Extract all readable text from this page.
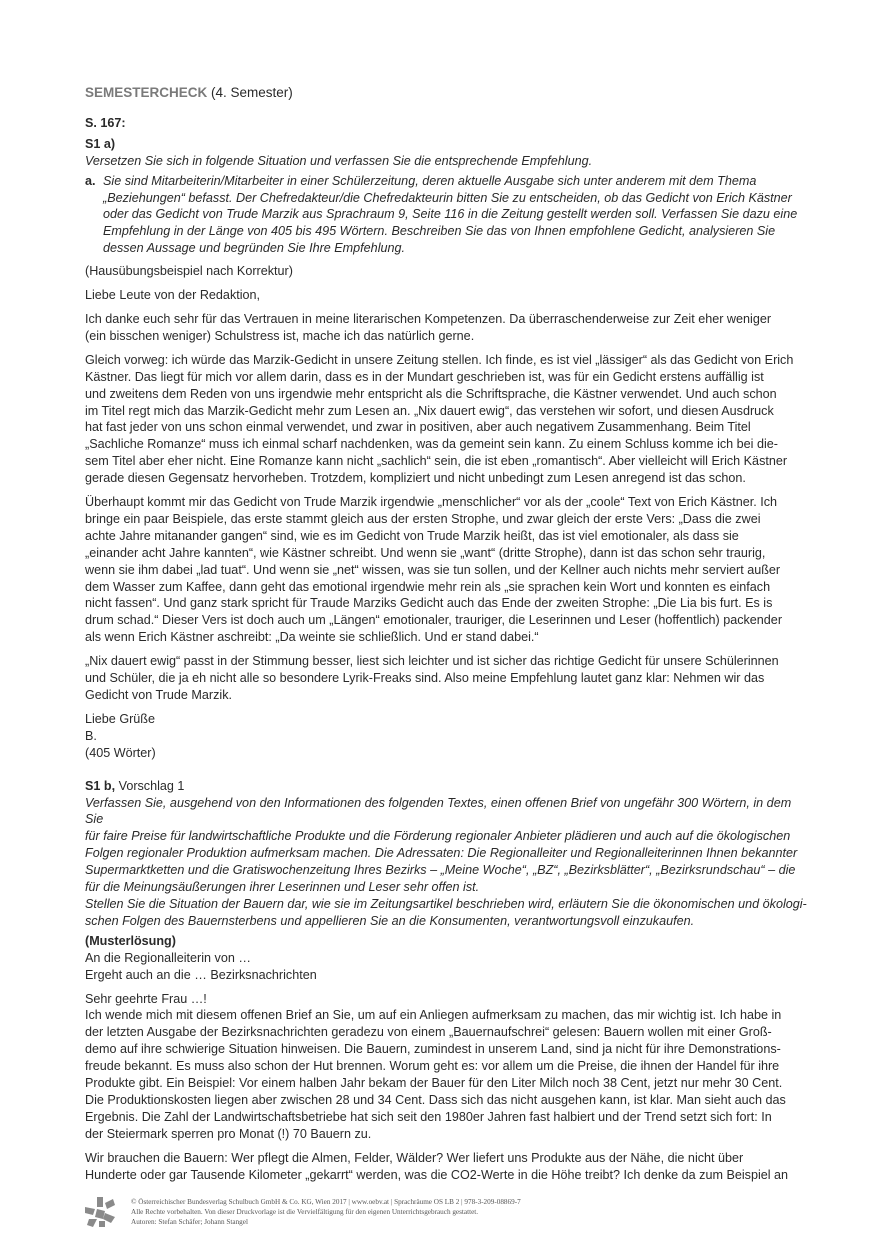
SEMESTERCHECK (4. Semester)
S. 167:
S1 a)

Versetzen Sie sich in folgende Situation und verfassen Sie die entsprechende Empfehlung.

a. Sie sind Mitarbeiterin/Mitarbeiter in einer Schülerzeitung, deren aktuelle Ausgabe sich unter anderem mit dem Thema
„Beziehungen“ befasst. Der Chefredakteur/die Chefredakteurin bitten Sie zu entscheiden, ob das Gedicht von Erich Kästner
oder das Gedicht von Trude Marzik aus Sprachraum 9, Seite 116 in die Zeitung gestellt werden soll. Verfassen Sie dazu eine
Empfehlung in der Länge von 405 bis 495 Wörtern. Beschreiben Sie das von Ihnen empfohlene Gedicht, analysieren Sie
dessen Aussage und begründen Sie Ihre Empfehlung.

(Hausübungsbeispiel nach Korrektur)

Liebe Leute von der Redaktion,

Ich danke euch sehr für das Vertrauen in meine literarischen Kompetenzen. Da überraschenderweise zur Zeit eher weniger
(ein bisschen weniger) Schulstress ist, mache ich das natürlich gerne.

Gleich vorweg: ich würde das Marzik-Gedicht in unsere Zeitung stellen. Ich finde, es ist viel „lässiger“ als das Gedicht von Erich
Kästner. Das liegt für mich vor allem darin, dass es in der Mundart geschrieben ist, was für ein Gedicht erstens auffällig ist
und zweitens dem Reden von uns irgendwie mehr entspricht als die Schriftsprache, die Kästner verwendet. Und auch schon
im Titel regt mich das Marzik-Gedicht mehr zum Lesen an. „Nix dauert ewig“, das verstehen wir sofort, und diesen Ausdruck
hat fast jeder von uns schon einmal verwendet, und zwar in positiven, aber auch negativem Zusammenhang. Beim Titel
„Sachliche Romanze“ muss ich einmal scharf nachdenken, was da gemeint sein kann. Zu einem Schluss komme ich bei die-
sem Titel aber eher nicht. Eine Romanze kann nicht „sachlich“ sein, die ist eben „romantisch“. Aber vielleicht will Erich Kästner
gerade diesen Gegensatz hervorheben. Trotzdem, kompliziert und nicht unbedingt zum Lesen anregend ist das schon.

Überhaupt kommt mir das Gedicht von Trude Marzik irgendwie „menschlicher“ vor als der „coole“ Text von Erich Kästner. Ich
bringe ein paar Beispiele, das erste stammt gleich aus der ersten Strophe, und zwar gleich der erste Vers: „Dass die zwei
achte Jahre mitanander gangen“ sind, wie es im Gedicht von Trude Marzik heißt, das ist viel emotionaler, als dass sie
„einander acht Jahre kannten“, wie Kästner schreibt. Und wenn sie „want“ (dritte Strophe), dann ist das schon sehr traurig,
wenn sie ihm dabei „lad tuat“. Und wenn sie „net“ wissen, was sie tun sollen, und der Kellner auch nichts mehr serviert außer
dem Wasser zum Kaffee, dann geht das emotional irgendwie mehr rein als „sie sprachen kein Wort und konnten es einfach
nicht fassen“. Und ganz stark spricht für Traude Marziks Gedicht auch das Ende der zweiten Strophe: „Die Lia bis furt. Es is
drum schad.“ Dieser Vers ist doch auch um „Längen“ emotionaler, trauriger, die Leserinnen und Leser (hoffentlich) packender
als wenn Erich Kästner aschreibt: „Da weinte sie schließlich. Und er stand dabei.“

„Nix dauert ewig“ passt in der Stimmung besser, liest sich leichter und ist sicher das richtige Gedicht für unsere Schülerinnen
und Schüler, die ja eh nicht alle so besondere Lyrik-Freaks sind. Also meine Empfehlung lautet ganz klar: Nehmen wir das
Gedicht von Trude Marzik.

Liebe Grüße
B.
(405 Wörter)

S1 b, Vorschlag 1

Verfassen Sie, ausgehend von den Informationen des folgenden Textes, einen offenen Brief von ungefähr 300 Wörtern, in dem Sie
für faire Preise für landwirtschaftliche Produkte und die Förderung regionaler Anbieter plädieren und auch auf die ökologischen
Folgen regionaler Produktion aufmerksam machen. Die Adressaten: Die Regionalleiter und Regionalleiterinnen Ihnen bekannter
Supermarktketten und die Gratiswochenzeitung Ihres Bezirks – „Meine Woche“, „BZ“, „Bezirksblätter“, „Bezirksrundschau“ – die
für die Meinungsäußerungen ihrer Leserinnen und Leser sehr offen ist.
Stellen Sie die Situation der Bauern dar, wie sie im Zeitungsartikel beschrieben wird, erläutern Sie die ökonomischen und ökologi-
schen Folgen des Bauernsterbens und appellieren Sie an die Konsumenten, verantwortungsvoll einzukaufen.

(Musterlösung)

An die Regionalleiterin von …
Ergeht auch an die … Bezirksnachrichten

Sehr geehrte Frau …!

Ich wende mich mit diesem offenen Brief an Sie, um auf ein Anliegen aufmerksam zu machen, das mir wichtig ist. Ich habe in
der letzten Ausgabe der Bezirksnachrichten geradezu von einem „Bauernaufschrei“ gelesen: Bauern wollen mit einer Groß-
demo auf ihre schwierige Situation hinweisen. Die Bauern, zumindest in unserem Land, sind ja nicht für ihre Demonstrations-
freude bekannt. Es muss also schon der Hut brennen. Worum geht es: vor allem um die Preise, die ihnen der Handel für ihre
Produkte gibt. Ein Beispiel: Vor einem halben Jahr bekam der Bauer für den Liter Milch noch 38 Cent, jetzt nur mehr 30 Cent.
Die Produktionskosten liegen aber zwischen 28 und 34 Cent. Dass sich das nicht ausgehen kann, ist klar. Man sieht auch das
Ergebnis. Die Zahl der Landwirtschaftsbetriebe hat sich seit den 1980er Jahren fast halbiert und der Trend setzt sich fort: In
der Steiermark sperren pro Monat (!) 70 Bauern zu.

Wir brauchen die Bauern: Wer pflegt die Almen, Felder, Wälder? Wer liefert uns Produkte aus der Nähe, die nicht über
Hunderte oder gar Tausende Kilometer „gekarrt“ werden, was die CO2-Werte in die Höhe treibt? Ich denke da zum Beispiel an

© Österreichischer Bundesverlag Schulbuch GmbH & Co. KG, Wien 2017 | www.oebv.at | Sprachräume OS LB 2 | 978-3-209-08869-7
Alle Rechte vorbehalten. Von dieser Druckvorlage ist die Vervielfältigung für den eigenen Unterrichtsgebrauch gestattet.
Autoren: Stefan Schäfer; Johann Stangel
